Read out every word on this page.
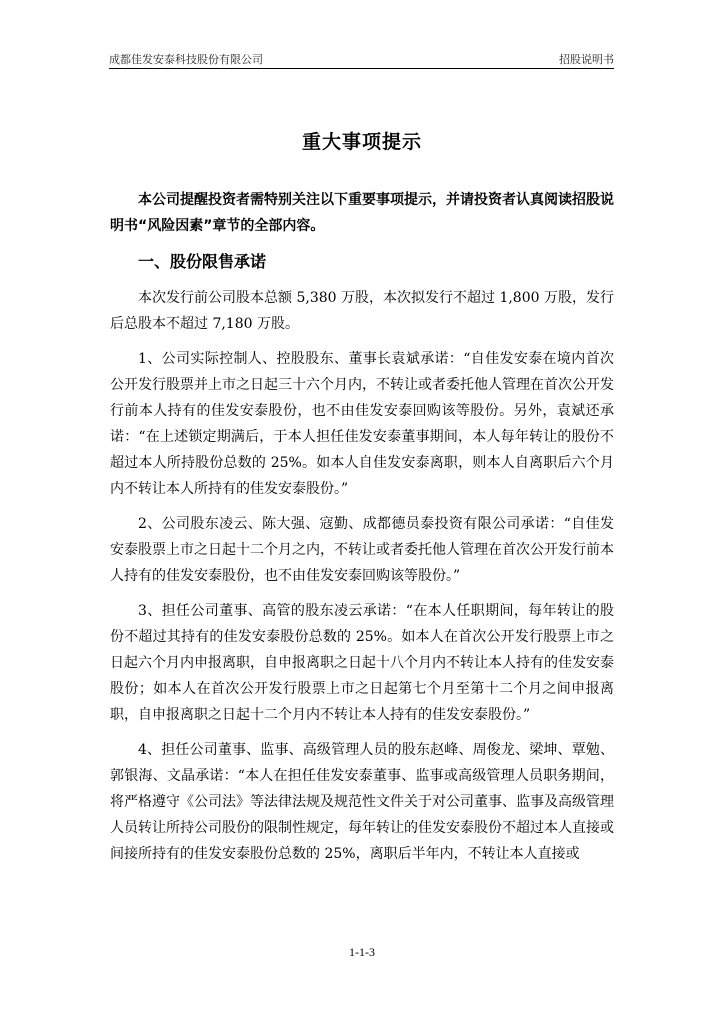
成都佳发安泰科技股份有限公司	招股说明书
重大事项提示

本公司提醒投资者需特别关注以下重要事项提示，并请投资者认真阅读招股说明书“风险因素”章节的全部内容。

一、股份限售承诺

本次发行前公司股本总额 5,380 万股，本次拟发行不超过 1,800 万股，发行后总股本不超过 7,180 万股。

1、公司实际控制人、控股股东、董事长袁斌承诺：“自佳发安泰在境内首次公开发行股票并上市之日起三十六个月内，不转让或者委托他人管理在首次公开发行前本人持有的佳发安泰股份，也不由佳发安泰回购该等股份。另外，袁斌还承诺：“在上述锁定期满后，于本人担任佳发安泰董事期间，本人每年转让的股份不超过本人所持股份总数的 25%。如本人自佳发安泰离职，则本人自离职后六个月内不转让本人所持有的佳发安泰股份。”

2、公司股东凌云、陈大强、寇勤、成都德员泰投资有限公司承诺：“自佳发安泰股票上市之日起十二个月之内，不转让或者委托他人管理在首次公开发行前本人持有的佳发安泰股份，也不由佳发安泰回购该等股份。”

3、担任公司董事、高管的股东凌云承诺：“在本人任职期间，每年转让的股份不超过其持有的佳发安泰股份总数的 25%。如本人在首次公开发行股票上市之日起六个月内申报离职，自申报离职之日起十八个月内不转让本人持有的佳发安泰股份；如本人在首次公开发行股票上市之日起第七个月至第十二个月之间申报离职，自申报离职之日起十二个月内不转让本人持有的佳发安泰股份。”

4、担任公司董事、监事、高级管理人员的股东赵峰、周俊龙、梁坤、覃勉、郭银海、文晶承诺：“本人在担任佳发安泰董事、监事或高级管理人员职务期间，将严格遵守《公司法》等法律法规及规范性文件关于对公司董事、监事及高级管理人员转让所持公司股份的限制性规定，每年转让的佳发安泰股份不超过本人直接或间接所持有的佳发安泰股份总数的 25%，离职后半年内，不转让本人直接或

1-1-3
